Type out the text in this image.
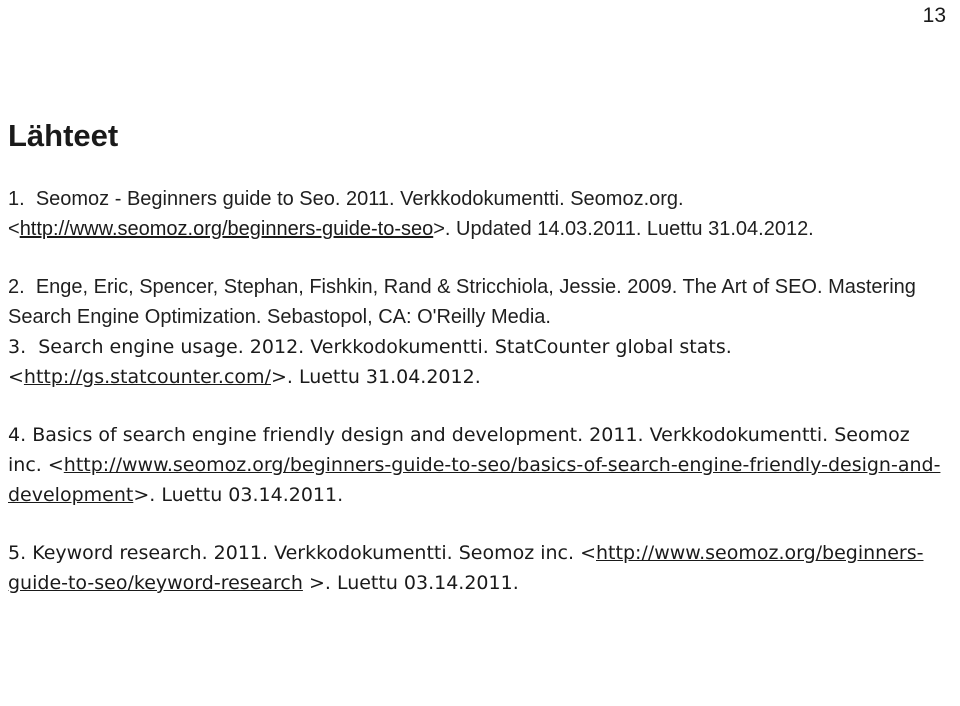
13
Lähteet
1. Seomoz - Beginners guide to Seo. 2011. Verkkodokumentti. Seomoz.org. <http://www.seomoz.org/beginners-guide-to-seo>. Updated 14.03.2011. Luettu 31.04.2012.
2. Enge, Eric, Spencer, Stephan, Fishkin, Rand & Stricchiola, Jessie. 2009. The Art of SEO. Mastering Search Engine Optimization. Sebastopol, CA: O'Reilly Media.
3. Search engine usage. 2012. Verkkodokumentti. StatCounter global stats. <http://gs.statcounter.com/>. Luettu 31.04.2012.
4. Basics of search engine friendly design and development. 2011. Verkkodokumentti. Seomoz inc. <http://www.seomoz.org/beginners-guide-to-seo/basics-of-search-engine-friendly-design-and-development>. Luettu 03.14.2011.
5. Keyword research. 2011. Verkkodokumentti. Seomoz inc. <http://www.seomoz.org/beginners-guide-to-seo/keyword-research >. Luettu 03.14.2011.
